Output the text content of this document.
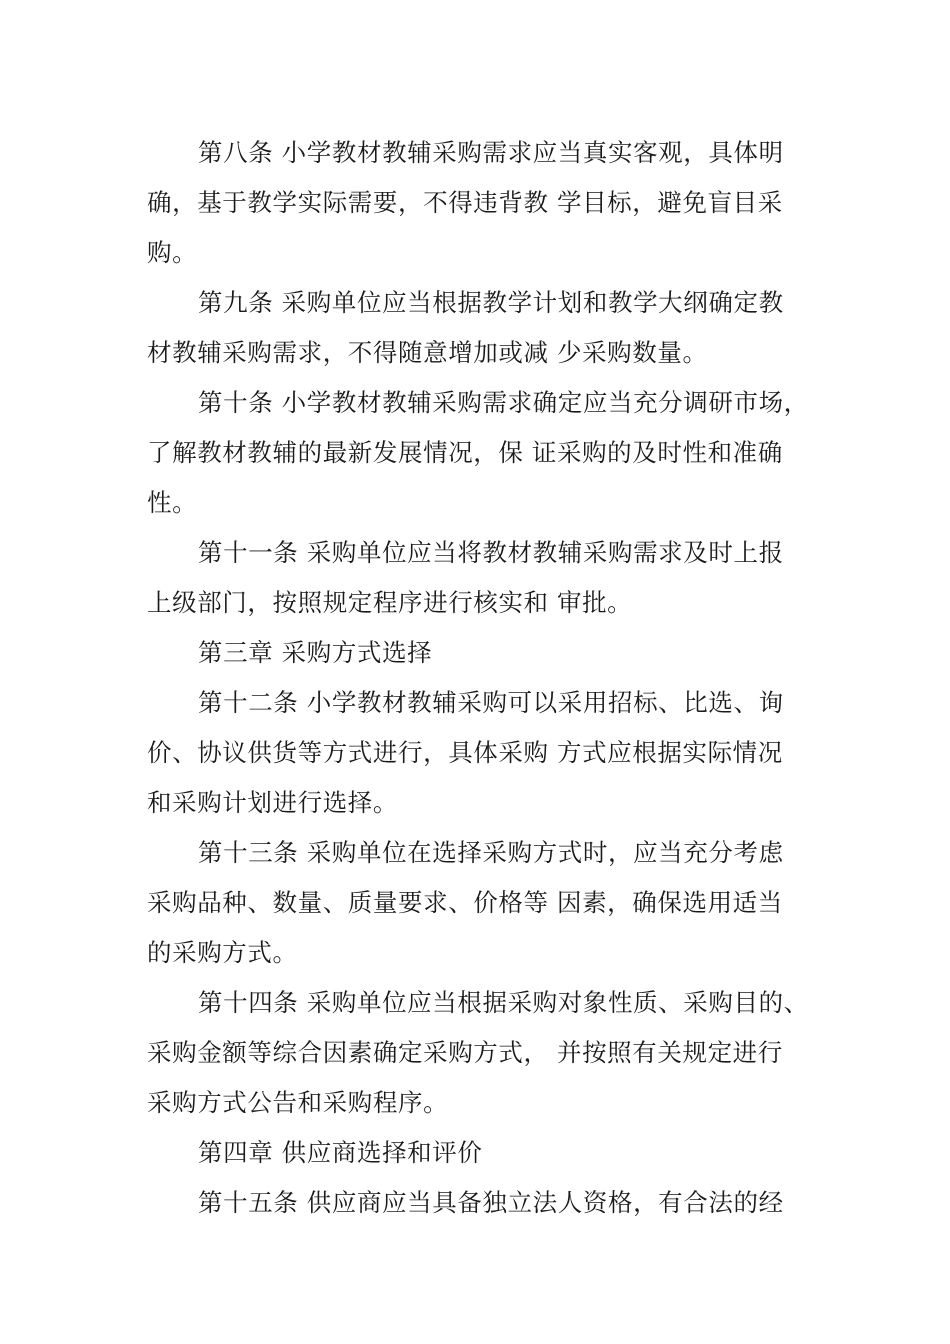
第八条 小学教材教辅采购需求应当真实客观，具体明
确，基于教学实际需要，不得违背教 学目标，避免盲目采
购。
第九条 采购单位应当根据教学计划和教学大纲确定教
材教辅采购需求，不得随意增加或减 少采购数量。
第十条 小学教材教辅采购需求确定应当充分调研市场，
了解教材教辅的最新发展情况，保 证采购的及时性和准确
性。
第十一条 采购单位应当将教材教辅采购需求及时上报
上级部门，按照规定程序进行核实和 审批。
第三章 采购方式选择
第十二条 小学教材教辅采购可以采用招标、比选、询
价、协议供货等方式进行，具体采购 方式应根据实际情况
和采购计划进行选择。
第十三条 采购单位在选择采购方式时，应当充分考虑
采购品种、数量、质量要求、价格等 因素，确保选用适当
的采购方式。
第十四条 采购单位应当根据采购对象性质、采购目的、
采购金额等综合因素确定采购方式， 并按照有关规定进行
采购方式公告和采购程序。
第四章 供应商选择和评价
第十五条 供应商应当具备独立法人资格，有合法的经
